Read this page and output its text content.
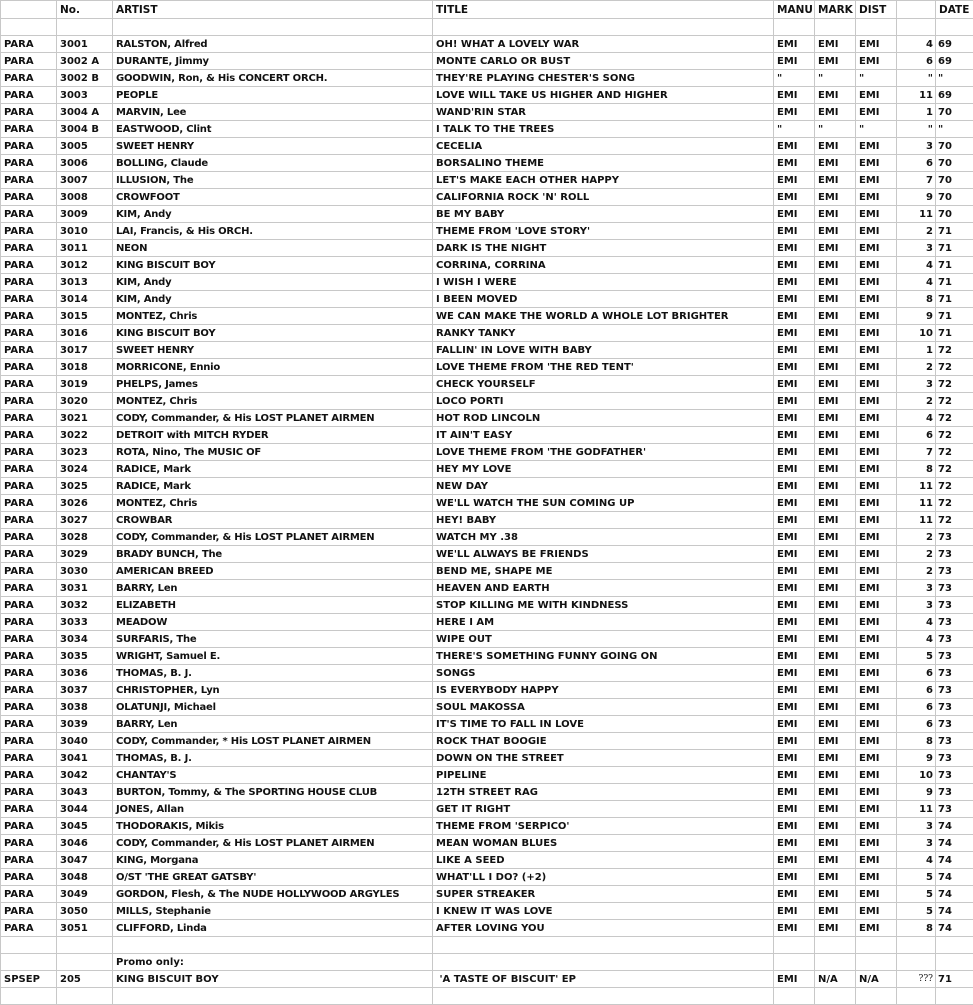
	No.	ARTIST	TITLE	MANU	MARK	DIST		DATE

PARA	3001	RALSTON, Alfred	OH! WHAT A LOVELY WAR	EMI	EMI	EMI	4	69
PARA	3002 A	DURANTE, Jimmy	MONTE CARLO OR BUST	EMI	EMI	EMI	6	69
PARA	3002 B	GOODWIN, Ron, & His CONCERT ORCH.	THEY'RE PLAYING CHESTER'S SONG	"	"	"	"	"
PARA	3003	PEOPLE	LOVE WILL TAKE US HIGHER AND HIGHER	EMI	EMI	EMI	11	69
PARA	3004 A	MARVIN, Lee	WAND'RIN STAR	EMI	EMI	EMI	1	70
PARA	3004 B	EASTWOOD, Clint	I TALK TO THE TREES	"	"	"	"	"
PARA	3005	SWEET HENRY	CECELIA	EMI	EMI	EMI	3	70
PARA	3006	BOLLING, Claude	BORSALINO THEME	EMI	EMI	EMI	6	70
PARA	3007	ILLUSION, The	LET'S MAKE EACH OTHER HAPPY	EMI	EMI	EMI	7	70
PARA	3008	CROWFOOT	CALIFORNIA ROCK 'N' ROLL	EMI	EMI	EMI	9	70
PARA	3009	KIM, Andy	BE MY BABY	EMI	EMI	EMI	11	70
PARA	3010	LAI, Francis, & His ORCH.	THEME FROM 'LOVE STORY'	EMI	EMI	EMI	2	71
PARA	3011	NEON	DARK IS THE NIGHT	EMI	EMI	EMI	3	71
PARA	3012	KING BISCUIT BOY	CORRINA, CORRINA	EMI	EMI	EMI	4	71
PARA	3013	KIM, Andy	I WISH I WERE	EMI	EMI	EMI	4	71
PARA	3014	KIM, Andy	I BEEN MOVED	EMI	EMI	EMI	8	71
PARA	3015	MONTEZ, Chris	WE CAN MAKE THE WORLD A WHOLE LOT BRIGHTER	EMI	EMI	EMI	9	71
PARA	3016	KING BISCUIT BOY	RANKY TANKY	EMI	EMI	EMI	10	71
PARA	3017	SWEET HENRY	FALLIN' IN LOVE WITH BABY	EMI	EMI	EMI	1	72
PARA	3018	MORRICONE, Ennio	LOVE THEME FROM 'THE RED TENT'	EMI	EMI	EMI	2	72
PARA	3019	PHELPS, James	CHECK YOURSELF	EMI	EMI	EMI	3	72
PARA	3020	MONTEZ, Chris	LOCO PORTI	EMI	EMI	EMI	2	72
PARA	3021	CODY, Commander, & His LOST PLANET AIRMEN	HOT ROD LINCOLN	EMI	EMI	EMI	4	72
PARA	3022	DETROIT with MITCH RYDER	IT AIN'T EASY	EMI	EMI	EMI	6	72
PARA	3023	ROTA, Nino, The MUSIC OF	LOVE THEME FROM 'THE GODFATHER'	EMI	EMI	EMI	7	72
PARA	3024	RADICE, Mark	HEY MY LOVE	EMI	EMI	EMI	8	72
PARA	3025	RADICE, Mark	NEW DAY	EMI	EMI	EMI	11	72
PARA	3026	MONTEZ, Chris	WE'LL WATCH THE SUN COMING UP	EMI	EMI	EMI	11	72
PARA	3027	CROWBAR	HEY! BABY	EMI	EMI	EMI	11	72
PARA	3028	CODY, Commander, & His LOST PLANET AIRMEN	WATCH MY .38	EMI	EMI	EMI	2	73
PARA	3029	BRADY BUNCH, The	WE'LL ALWAYS BE FRIENDS	EMI	EMI	EMI	2	73
PARA	3030	AMERICAN BREED	BEND ME, SHAPE ME	EMI	EMI	EMI	2	73
PARA	3031	BARRY, Len	HEAVEN AND EARTH	EMI	EMI	EMI	3	73
PARA	3032	ELIZABETH	STOP KILLING ME WITH KINDNESS	EMI	EMI	EMI	3	73
PARA	3033	MEADOW	HERE I AM	EMI	EMI	EMI	4	73
PARA	3034	SURFARIS, The	WIPE OUT	EMI	EMI	EMI	4	73
PARA	3035	WRIGHT, Samuel E.	THERE'S SOMETHING FUNNY GOING ON	EMI	EMI	EMI	5	73
PARA	3036	THOMAS, B. J.	SONGS	EMI	EMI	EMI	6	73
PARA	3037	CHRISTOPHER, Lyn	IS EVERYBODY HAPPY	EMI	EMI	EMI	6	73
PARA	3038	OLATUNJI, Michael	SOUL MAKOSSA	EMI	EMI	EMI	6	73
PARA	3039	BARRY, Len	IT'S TIME TO FALL IN LOVE	EMI	EMI	EMI	6	73
PARA	3040	CODY, Commander, * His LOST PLANET AIRMEN	ROCK THAT BOOGIE	EMI	EMI	EMI	8	73
PARA	3041	THOMAS, B. J.	DOWN ON THE STREET	EMI	EMI	EMI	9	73
PARA	3042	CHANTAY'S	PIPELINE	EMI	EMI	EMI	10	73
PARA	3043	BURTON, Tommy, & The SPORTING HOUSE CLUB	12TH STREET RAG	EMI	EMI	EMI	9	73
PARA	3044	JONES, Allan	GET IT RIGHT	EMI	EMI	EMI	11	73
PARA	3045	THODORAKIS, Mikis	THEME FROM 'SERPICO'	EMI	EMI	EMI	3	74
PARA	3046	CODY, Commander, & His LOST PLANET AIRMEN	MEAN WOMAN BLUES	EMI	EMI	EMI	3	74
PARA	3047	KING, Morgana	LIKE A SEED	EMI	EMI	EMI	4	74
PARA	3048	O/ST 'THE GREAT GATSBY'	WHAT'LL I DO? (+2)	EMI	EMI	EMI	5	74
PARA	3049	GORDON, Flesh, & The NUDE HOLLYWOOD ARGYLES	SUPER STREAKER	EMI	EMI	EMI	5	74
PARA	3050	MILLS, Stephanie	I KNEW IT WAS LOVE	EMI	EMI	EMI	5	74
PARA	3051	CLIFFORD, Linda	AFTER LOVING YOU	EMI	EMI	EMI	8	74

		Promo only:						
SPSEP	205	KING BISCUIT BOY	'A TASTE OF BISCUIT' EP	EMI	N/A	N/A	???	71
